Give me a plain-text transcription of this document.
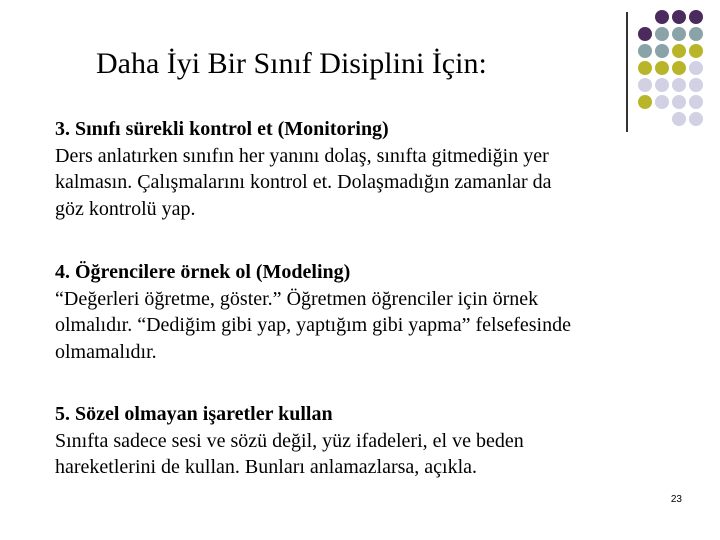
Daha İyi Bir Sınıf Disiplini İçin:
3. Sınıfı sürekli kontrol et (Monitoring)
Ders anlatırken sınıfın her yanını dolaş, sınıfta gitmediğin yer
kalmasın. Çalışmalarını kontrol et. Dolaşmadığın zamanlar da
göz kontrolü yap.
4. Öğrencilere örnek ol (Modeling)
“Değerleri öğretme, göster.” Öğretmen öğrenciler için örnek
olmalıdır. “Dediğim gibi yap, yaptığım gibi yapma” felsefesinde
olmamalıdır.
5. Sözel olmayan işaretler kullan
Sınıfta sadece sesi ve sözü değil, yüz ifadeleri, el ve beden
hareketlerini de kullan. Bunları anlamazlarsa, açıkla.
23
